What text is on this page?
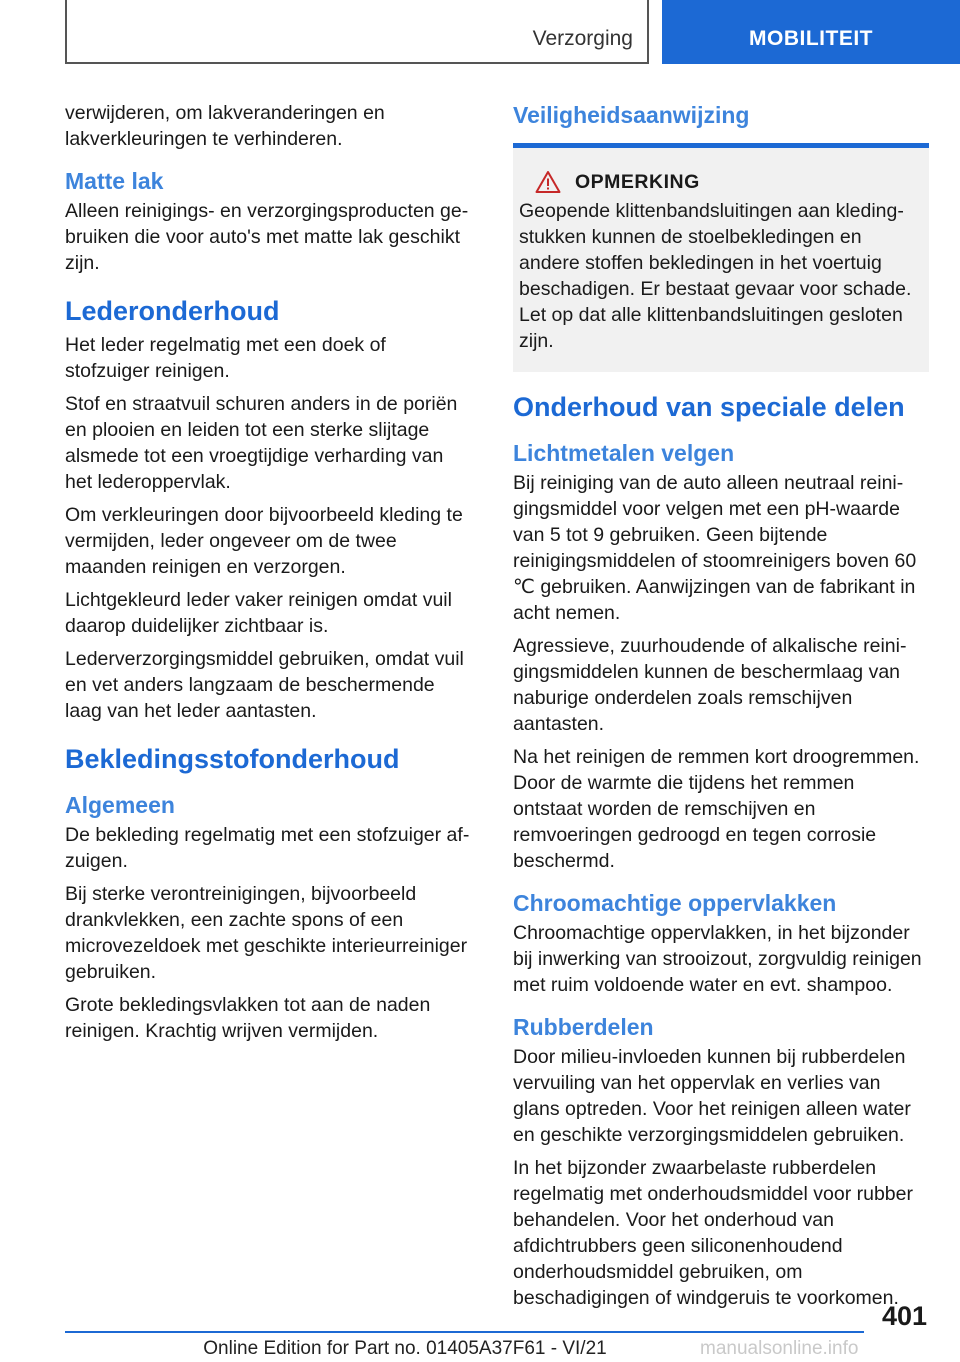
Verzorging	MOBILITEIT

verwijderen, om lakveranderingen en lakverkleuringen te verhinderen.

Matte lak

Alleen reinigings- en verzorgingsproducten gebruiken die voor auto's met matte lak geschikt zijn.

Lederonderhoud

Het leder regelmatig met een doek of stofzuiger reinigen.

Stof en straatvuil schuren anders in de poriën en plooien en leiden tot een sterke slijtage alsmede tot een vroegtijdige verharding van het lederoppervlak.

Om verkleuringen door bijvoorbeeld kleding te vermijden, leder ongeveer om de twee maanden reinigen en verzorgen.

Lichtgekleurd leder vaker reinigen omdat vuil daarop duidelijker zichtbaar is.

Lederverzorgingsmiddel gebruiken, omdat vuil en vet anders langzaam de beschermende laag van het leder aantasten.

Bekledingsstofonderhoud
Algemeen

De bekleding regelmatig met een stofzuiger afzuigen.

Bij sterke verontreinigingen, bijvoorbeeld drankvlekken, een zachte spons of een microvezeldoek met geschikte interieurreiniger gebruiken.

Grote bekledingsvlakken tot aan de naden reinigen. Krachtig wrijven vermijden.

Veiligheidsaanwijzing
OPMERKING

Geopende klittenbandsluitingen aan kledingstukken kunnen de stoelbekledingen en andere stoffen bekledingen in het voertuig beschadigen. Er bestaat gevaar voor schade. Let op dat alle klittenbandsluitingen gesloten zijn.

Onderhoud van speciale delen
Lichtmetalen velgen

Bij reiniging van de auto alleen neutraal reinigingsmiddel voor velgen met een pH-waarde van 5 tot 9 gebruiken. Geen bijtende reinigingsmiddelen of stoomreinigers boven 60 ℃ gebruiken. Aanwijzingen van de fabrikant in acht nemen.

Agressieve, zuurhoudende of alkalische reinigingsmiddelen kunnen de beschermlaag van naburige onderdelen zoals remschijven aantasten.

Na het reinigen de remmen kort droogremmen. Door de warmte die tijdens het remmen ontstaat worden de remschijven en remvoeringen gedroogd en tegen corrosie beschermd.

Chroomachtige oppervlakken

Chroomachtige oppervlakken, in het bijzonder bij inwerking van strooizout, zorgvuldig reinigen met ruim voldoende water en evt. shampoo.

Rubberdelen

Door milieu-invloeden kunnen bij rubberdelen vervuiling van het oppervlak en verlies van glans optreden. Voor het reinigen alleen water en geschikte verzorgingsmiddelen gebruiken.

In het bijzonder zwaarbelaste rubberdelen regelmatig met onderhoudsmiddel voor rubber behandelen. Voor het onderhoud van afdichtrubbers geen siliconenhoudend onderhoudsmiddel gebruiken, om beschadigingen of windgeruis te voorkomen.

401
Online Edition for Part no. 01405A37F61 - VI/21	manualsonline.info
